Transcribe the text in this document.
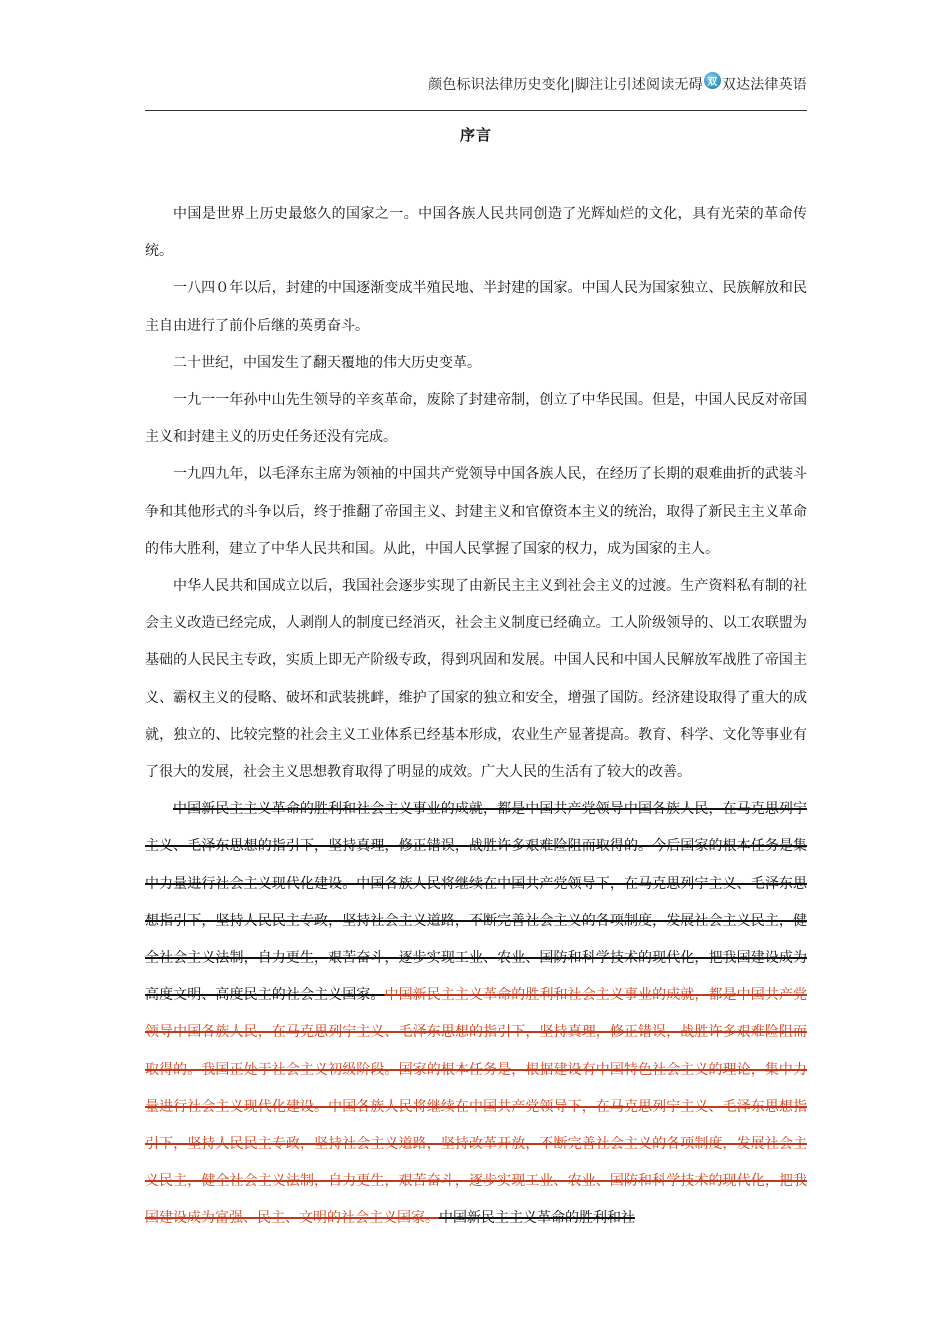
颜色标识法律历史变化|脚注让引述阅读无碍 双 双达法律英语
序言

中国是世界上历史最悠久的国家之一。中国各族人民共同创造了光辉灿烂的文化，具有光荣的革命传统。

一八四０年以后，封建的中国逐渐变成半殖民地、半封建的国家。中国人民为国家独立、民族解放和民主自由进行了前仆后继的英勇奋斗。

二十世纪，中国发生了翻天覆地的伟大历史变革。

一九一一年孙中山先生领导的辛亥革命，废除了封建帝制，创立了中华民国。但是，中国人民反对帝国主义和封建主义的历史任务还没有完成。

一九四九年，以毛泽东主席为领袖的中国共产党领导中国各族人民，在经历了长期的艰难曲折的武装斗争和其他形式的斗争以后，终于推翻了帝国主义、封建主义和官僚资本主义的统治，取得了新民主主义革命的伟大胜利，建立了中华人民共和国。从此，中国人民掌握了国家的权力，成为国家的主人。

中华人民共和国成立以后，我国社会逐步实现了由新民主主义到社会主义的过渡。生产资料私有制的社会主义改造已经完成，人剥削人的制度已经消灭，社会主义制度已经确立。工人阶级领导的、以工农联盟为基础的人民民主专政，实质上即无产阶级专政，得到巩固和发展。中国人民和中国人民解放军战胜了帝国主义、霸权主义的侵略、破坏和武装挑衅，维护了国家的独立和安全，增强了国防。经济建设取得了重大的成就，独立的、比较完整的社会主义工业体系已经基本形成，农业生产显著提高。教育、科学、文化等事业有了很大的发展，社会主义思想教育取得了明显的成效。广大人民的生活有了较大的改善。

中国新民主主义革命的胜利和社会主义事业的成就，都是中国共产党领导中国各族人民，在马克思列宁主义、毛泽东思想的指引下，坚持真理，修正错误，战胜许多艰难险阻而取得的。今后国家的根本任务是集中力量进行社会主义现代化建设。中国各族人民将继续在中国共产党领导下，在马克思列宁主义、毛泽东思想指引下，坚持人民民主专政，坚持社会主义道路，不断完善社会主义的各项制度，发展社会主义民主，健全社会主义法制，自力更生，艰苦奋斗，逐步实现工业、农业、国防和科学技术的现代化，把我国建设成为高度文明、高度民主的社会主义国家。中国新民主主义革命的胜利和社会主义事业的成就，都是中国共产党领导中国各族人民，在马克思列宁主义、毛泽东思想的指引下，坚持真理，修正错误，战胜许多艰难险阻而取得的。我国正处于社会主义初级阶段。国家的根本任务是，根据建设有中国特色社会主义的理论，集中力量进行社会主义现代化建设。中国各族人民将继续在中国共产党领导下，在马克思列宁主义、毛泽东思想指引下，坚持人民民主专政，坚持社会主义道路，坚持改革开放，不断完善社会主义的各项制度，发展社会主义民主，健全社会主义法制，自力更生，艰苦奋斗，逐步实现工业、农业、国防和科学技术的现代化，把我国建设成为富强、民主、文明的社会主义国家。中国新民主主义革命的胜利和社
